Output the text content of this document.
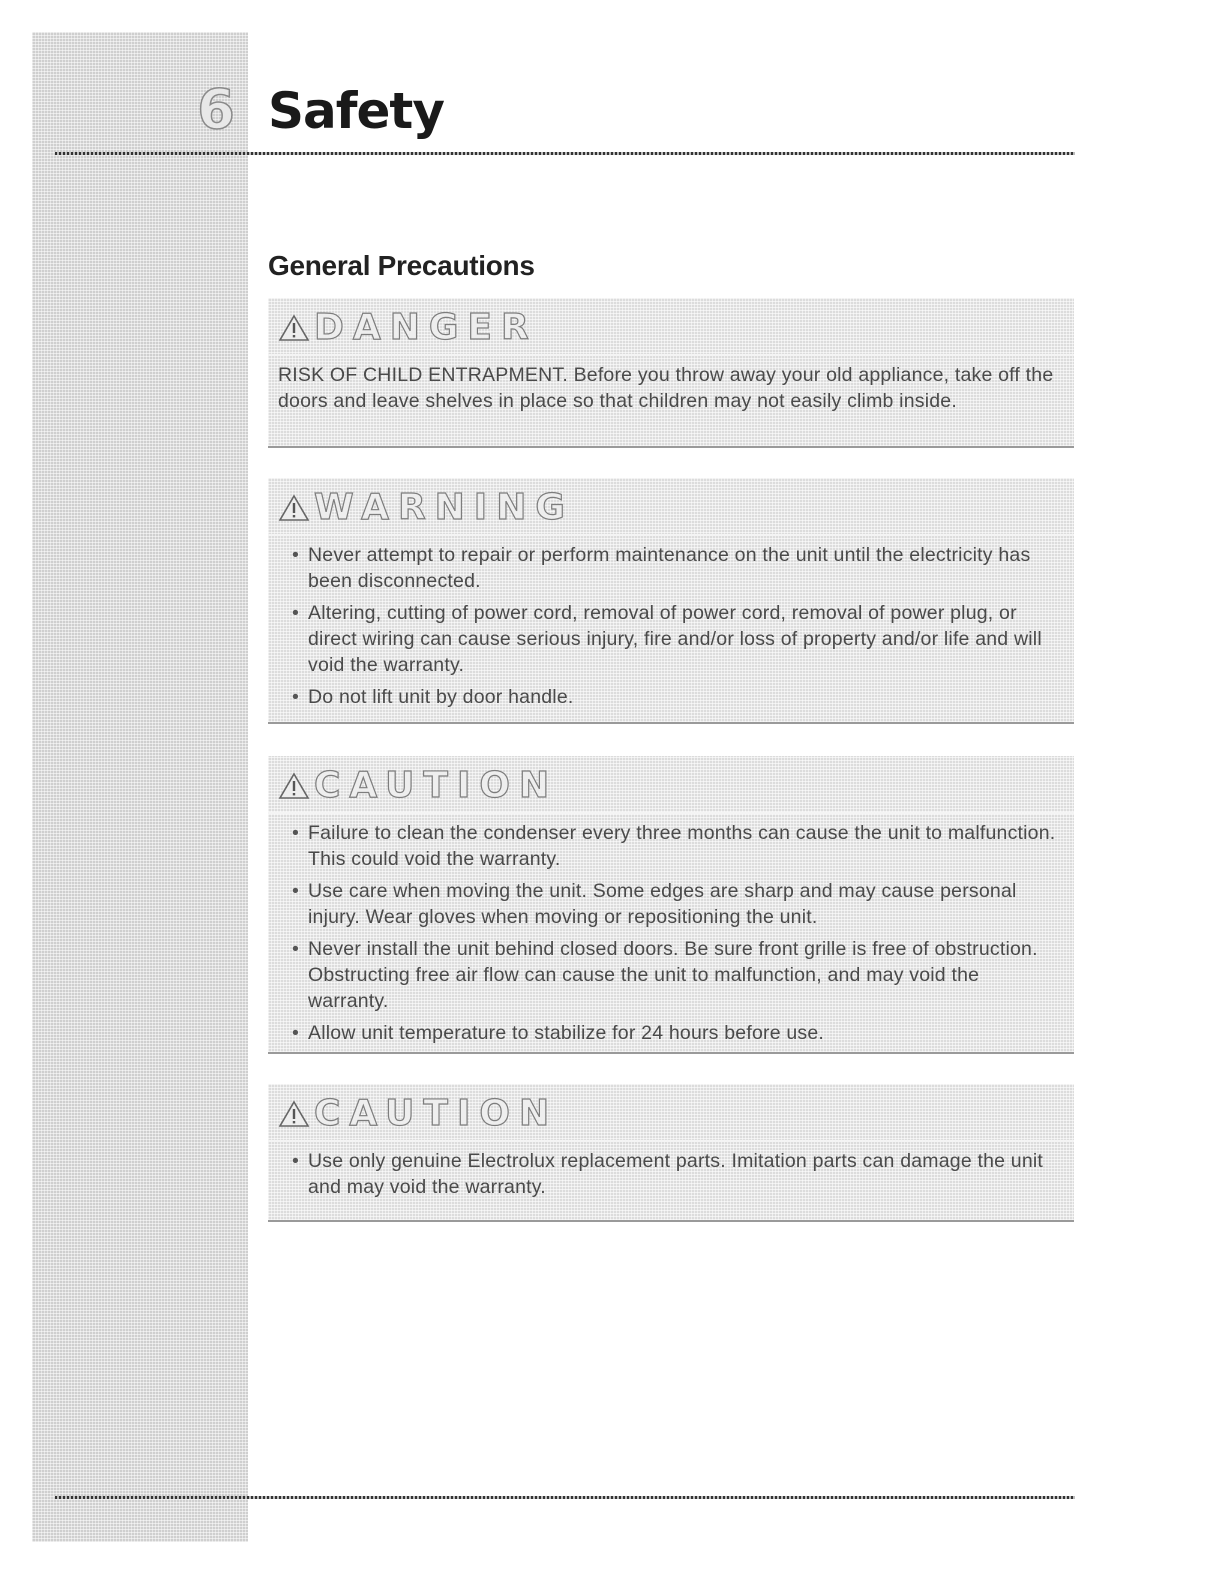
6 Safety
General Precautions
DANGER

RISK OF CHILD ENTRAPMENT. Before you throw away your old appliance, take off the doors and leave shelves in place so that children may not easily climb inside.

WARNING
• Never attempt to repair or perform maintenance on the unit until the electricity has been disconnected.
• Altering, cutting of power cord, removal of power cord, removal of power plug, or direct wiring can cause serious injury, fire and/or loss of property and/or life and will void the warranty.
• Do not lift unit by door handle.
CAUTION
• Failure to clean the condenser every three months can cause the unit to malfunction. This could void the warranty.
• Use care when moving the unit. Some edges are sharp and may cause personal injury. Wear gloves when moving or repositioning the unit.
• Never install the unit behind closed doors. Be sure front grille is free of obstruction. Obstructing free air flow can cause the unit to malfunction, and may void the warranty.
• Allow unit temperature to stabilize for 24 hours before use.
CAUTION
• Use only genuine Electrolux replacement parts. Imitation parts can damage the unit and may void the warranty.
